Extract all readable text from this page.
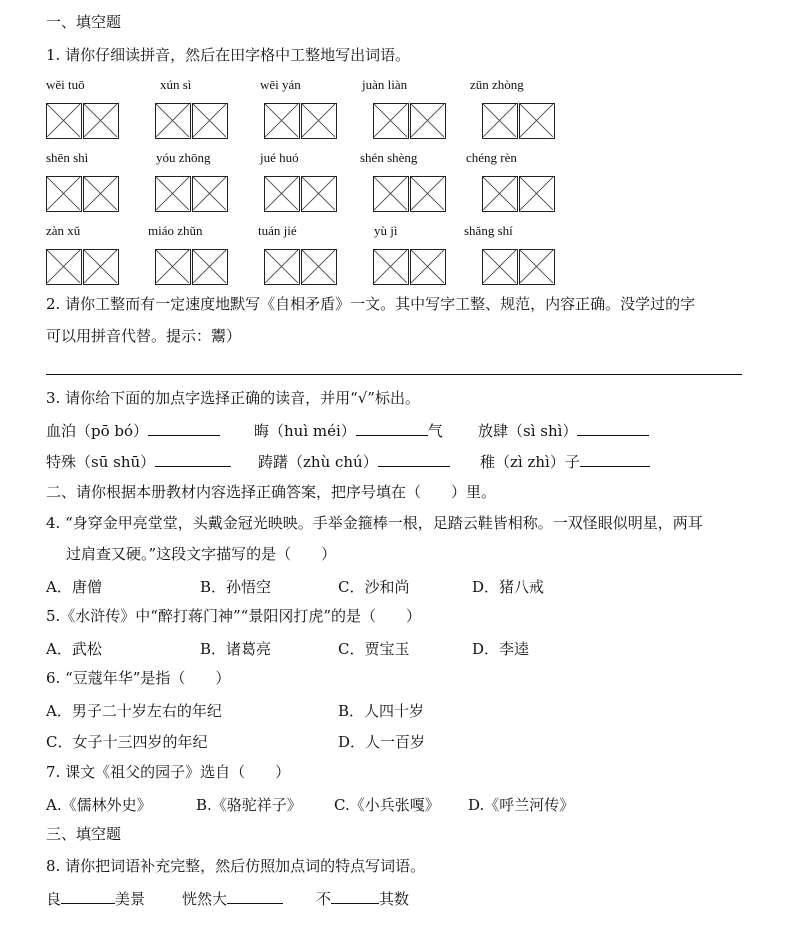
一、填空题
1. 请你仔细读拼音，然后在田字格中工整地写出词语。
wěi tuō	xún sì	wēi yán	juàn liàn	zūn zhòng
shēn shì	yóu zhōng	jué huó	shén shèng	chéng rèn
zàn xǔ	miáo zhǔn	tuán jié	yù jì	shǎng shí
2. 请你工整而有一定速度地默写《自相矛盾》一文。其中写字工整、规范，内容正确。没学过的字
可以用拼音代替。提示：鬻）
3. 请你给下面的加点字选择正确的读音，并用“√”标出。
血泊（pō bó）	晦（huì méi）	气 放肆（sì shì）
特殊（sū shū）	踌躇（zhù chú）	稚（zì zhì）子
二、请你根据本册教材内容选择正确答案，把序号填在（　　）里。
4. “身穿金甲亮堂堂，头戴金冠光映映。手举金箍棒一根，足踏云鞋皆相称。一双怪眼似明星，两耳
过肩查又硬。”这段文字描写的是（　　）
A．唐僧	B．孙悟空	C．沙和尚	D．猪八戒
5.《水浒传》中“醉打蒋门神”“景阳冈打虎”的是（　　）
A．武松	B．诸葛亮	C．贾宝玉	D．李逵
6. “豆蔻年华”是指（　　）
A．男子二十岁左右的年纪	B．人四十岁
C．女子十三四岁的年纪	D．人一百岁
7. 课文《祖父的园子》选自（　　）
A.《儒林外史》	B.《骆驼祥子》 C.《小兵张嘎》 D.《呼兰河传》
三、填空题
8. 请你把词语补充完整，然后仿照加点词的特点写词语。
良	美景 恍然大	不	其数
